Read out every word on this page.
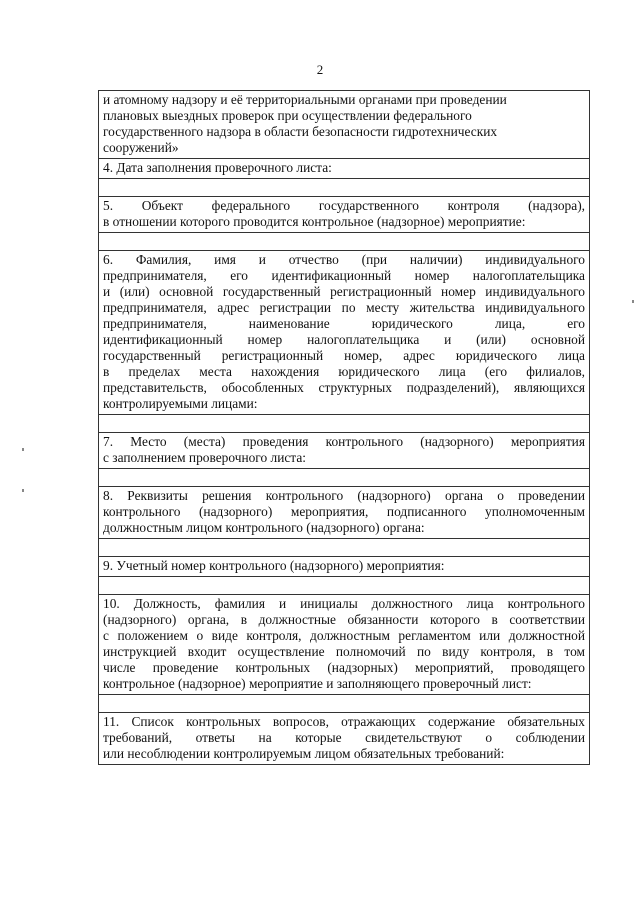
2
и атомному надзору и её территориальными органами при проведении
плановых выездных проверок при осуществлении федерального
государственного надзора в области безопасности гидротехнических
сооружений»
4. Дата заполнения проверочного листа:
5. Объект федерального государственного контроля (надзора),
в отношении которого проводится контрольное (надзорное) мероприятие:
6. Фамилия, имя и отчество (при наличии) индивидуального
предпринимателя, его идентификационный номер налогоплательщика
и (или) основной государственный регистрационный номер индивидуального
предпринимателя, адрес регистрации по месту жительства индивидуального
предпринимателя, наименование юридического лица, его
идентификационный номер налогоплательщика и (или) основной
государственный регистрационный номер, адрес юридического лица
в пределах места нахождения юридического лица (его филиалов,
представительств, обособленных структурных подразделений), являющихся
контролируемыми лицами:
7. Место (места) проведения контрольного (надзорного) мероприятия
с заполнением проверочного листа:
8. Реквизиты решения контрольного (надзорного) органа о проведении
контрольного (надзорного) мероприятия, подписанного уполномоченным
должностным лицом контрольного (надзорного) органа:
9. Учетный номер контрольного (надзорного) мероприятия:
10. Должность, фамилия и инициалы должностного лица контрольного
(надзорного) органа, в должностные обязанности которого в соответствии
с положением о виде контроля, должностным регламентом или должностной
инструкцией входит осуществление полномочий по виду контроля, в том
числе проведение контрольных (надзорных) мероприятий, проводящего
контрольное (надзорное) мероприятие и заполняющего проверочный лист:
11. Список контрольных вопросов, отражающих содержание обязательных
требований, ответы на которые свидетельствуют о соблюдении
или несоблюдении контролируемым лицом обязательных требований:
